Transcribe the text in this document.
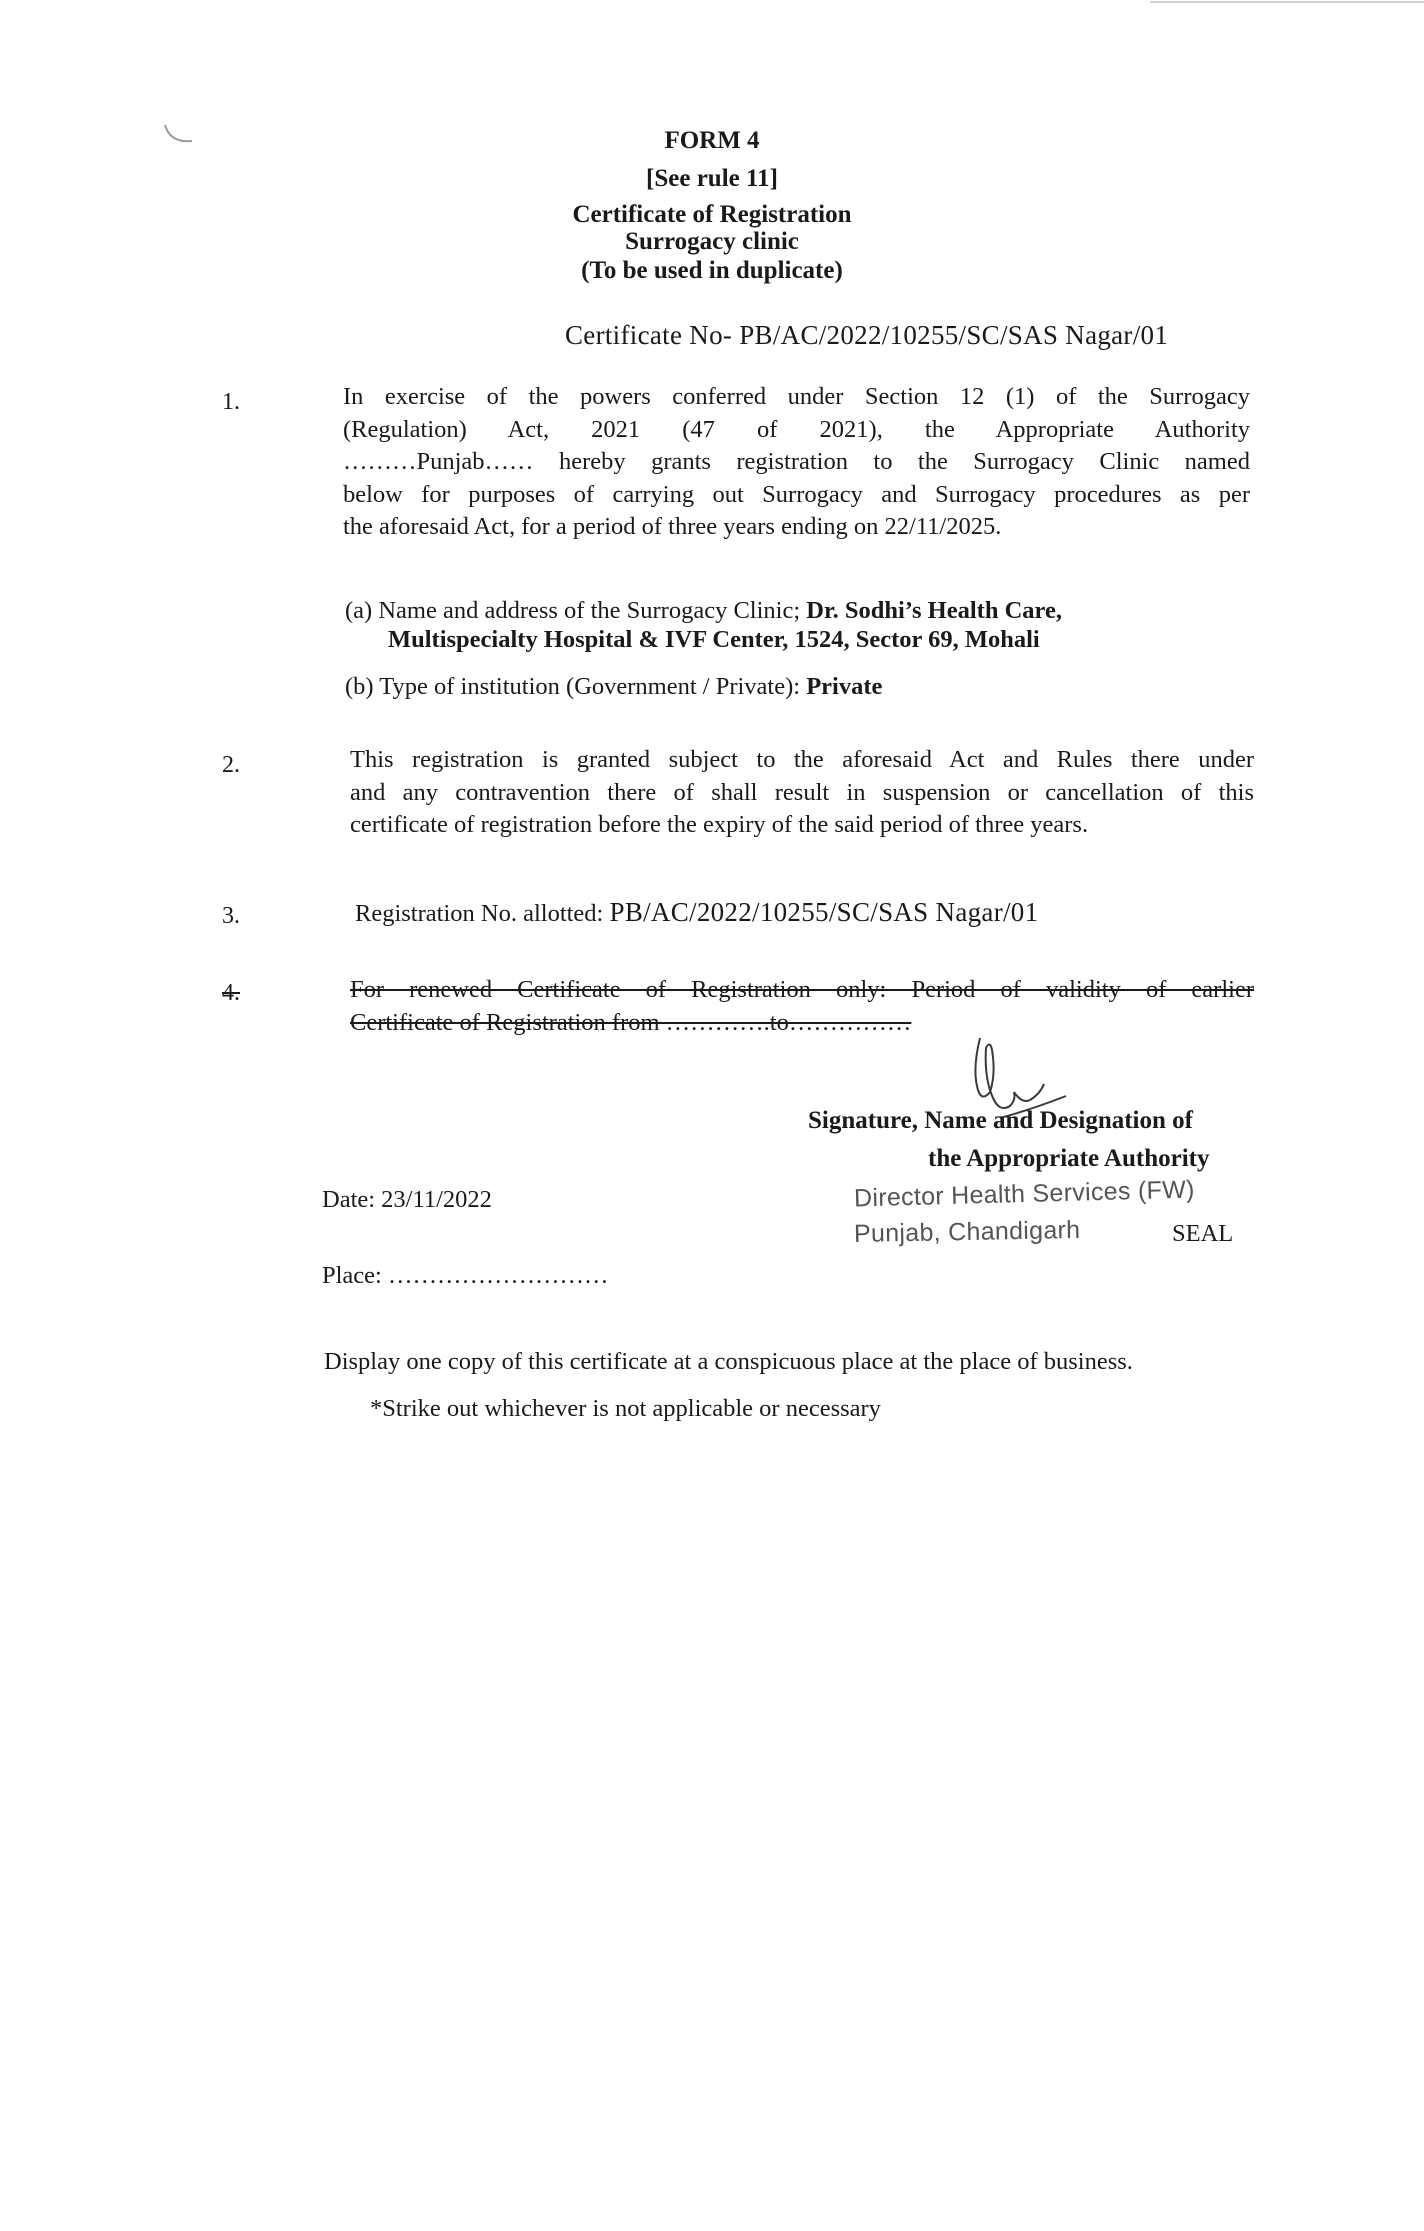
FORM 4
[See rule 11]
Certificate of Registration
Surrogacy clinic
(To be used in duplicate)
Certificate No- PB/AC/2022/10255/SC/SAS Nagar/01
1.	In exercise of the powers conferred under Section 12 (1) of the Surrogacy
(Regulation) Act, 2021 (47 of 2021), the Appropriate Authority
………Punjab…… hereby grants registration to the Surrogacy Clinic named
below for purposes of carrying out Surrogacy and Surrogacy procedures as per
the aforesaid Act, for a period of three years ending on 22/11/2025.
(a) Name and address of the Surrogacy Clinic; Dr. Sodhi’s Health Care,
Multispecialty Hospital & IVF Center, 1524, Sector 69, Mohali
(b) Type of institution (Government / Private): Private
2.	This registration is granted subject to the aforesaid Act and Rules there under
and any contravention there of shall result in suspension or cancellation of this
certificate of registration before the expiry of the said period of three years.
3.	Registration No. allotted: PB/AC/2022/10255/SC/SAS Nagar/01
4.	For renewed Certificate of Registration only: Period of validity of earlier
Certificate of Registration from ………….to……………
Signature, Name and Designation of
the Appropriate Authority
Director Health Services (FW)
Punjab, Chandigarh	SEAL
Date: 23/11/2022
Place: ………………………
Display one copy of this certificate at a conspicuous place at the place of business.
*Strike out whichever is not applicable or necessary
